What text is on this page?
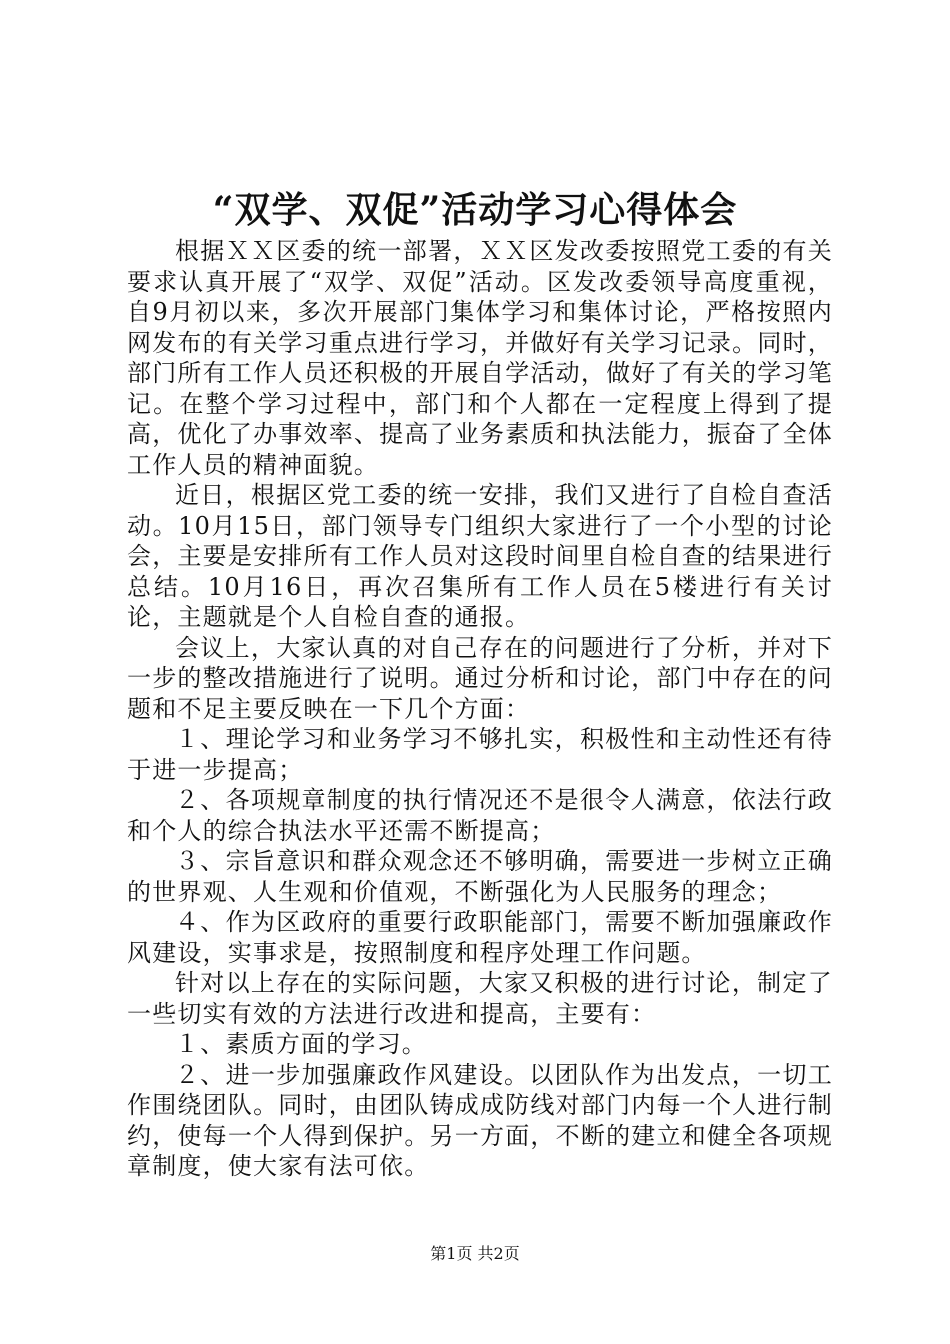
“双学、双促”活动学习心得体会

根据ＸＸ区委的统一部署，ＸＸ区发改委按照党工委的有关要求认真开展了“双学、双促”活动。区发改委领导高度重视，自9月初以来，多次开展部门集体学习和集体讨论，严格按照内网发布的有关学习重点进行学习，并做好有关学习记录。同时，部门所有工作人员还积极的开展自学活动，做好了有关的学习笔记。在整个学习过程中，部门和个人都在一定程度上得到了提高，优化了办事效率、提高了业务素质和执法能力，振奋了全体工作人员的精神面貌。

近日，根据区党工委的统一安排，我们又进行了自检自查活动。10月15日，部门领导专门组织大家进行了一个小型的讨论会，主要是安排所有工作人员对这段时间里自检自查的结果进行总结。10月16日，再次召集所有工作人员在5楼进行有关讨论，主题就是个人自检自查的通报。

会议上，大家认真的对自己存在的问题进行了分析，并对下一步的整改措施进行了说明。通过分析和讨论，部门中存在的问题和不足主要反映在一下几个方面：

１、理论学习和业务学习不够扎实，积极性和主动性还有待于进一步提高；

２、各项规章制度的执行情况还不是很令人满意，依法行政和个人的综合执法水平还需不断提高；

３、宗旨意识和群众观念还不够明确，需要进一步树立正确的世界观、人生观和价值观，不断强化为人民服务的理念；

４、作为区政府的重要行政职能部门，需要不断加强廉政作风建设，实事求是，按照制度和程序处理工作问题。

针对以上存在的实际问题，大家又积极的进行讨论，制定了一些切实有效的方法进行改进和提高，主要有：

１、素质方面的学习。

２、进一步加强廉政作风建设。以团队作为出发点，一切工作围绕团队。同时，由团队铸成成防线对部门内每一个人进行制约，使每一个人得到保护。另一方面，不断的建立和健全各项规章制度，使大家有法可依。

第1页 共2页
